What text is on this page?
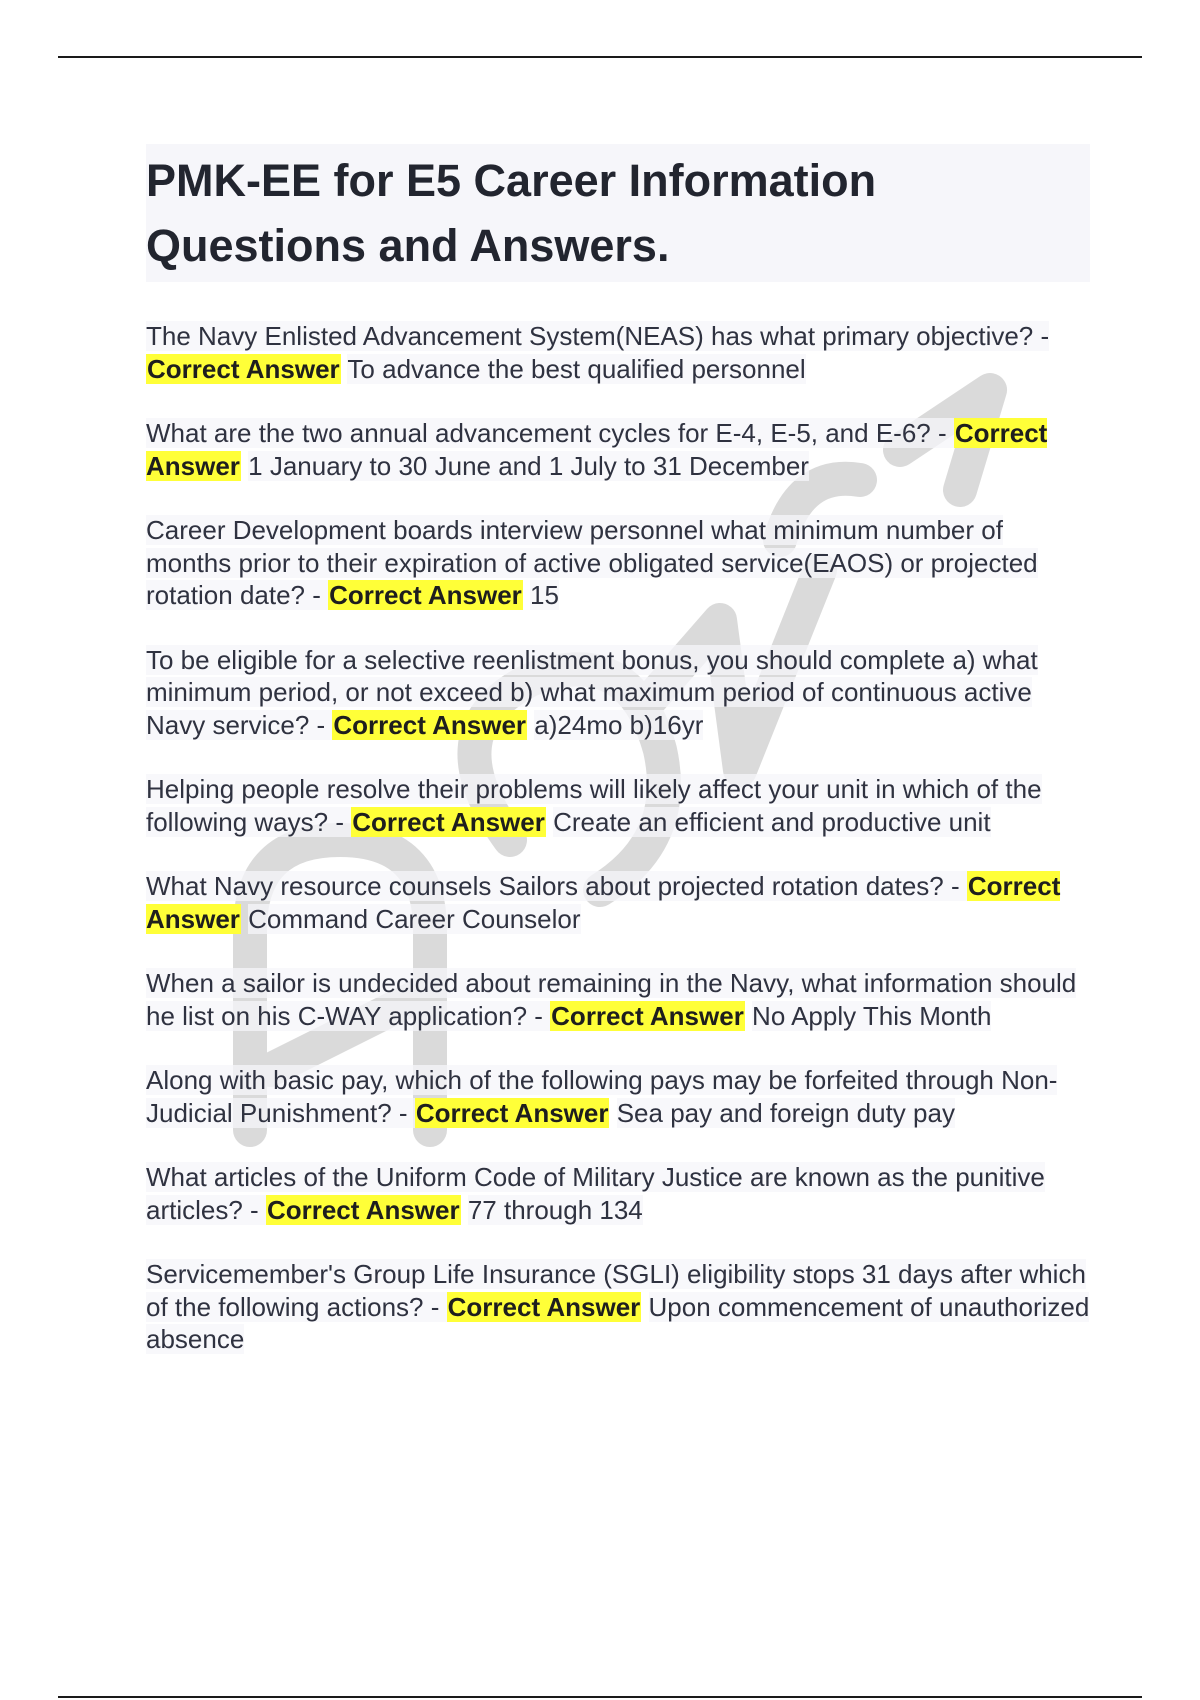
PMK-EE for E5 Career Information Questions and Answers.

The Navy Enlisted Advancement System(NEAS) has what primary objective? - Correct Answer To advance the best qualified personnel

What are the two annual advancement cycles for E-4, E-5, and E-6? - Correct Answer 1 January to 30 June and 1 July to 31 December

Career Development boards interview personnel what minimum number of months prior to their expiration of active obligated service(EAOS) or projected rotation date? - Correct Answer 15

To be eligible for a selective reenlistment bonus, you should complete a) what minimum period, or not exceed b) what maximum period of continuous active Navy service? - Correct Answer a)24mo b)16yr

Helping people resolve their problems will likely affect your unit in which of the following ways? - Correct Answer Create an efficient and productive unit

What Navy resource counsels Sailors about projected rotation dates? - Correct Answer Command Career Counselor

When a sailor is undecided about remaining in the Navy, what information should he list on his C-WAY application? - Correct Answer No Apply This Month

Along with basic pay, which of the following pays may be forfeited through Non-Judicial Punishment? - Correct Answer Sea pay and foreign duty pay

What articles of the Uniform Code of Military Justice are known as the punitive articles? - Correct Answer 77 through 134

Servicemember's Group Life Insurance (SGLI) eligibility stops 31 days after which of the following actions? - Correct Answer Upon commencement of unauthorized absence
